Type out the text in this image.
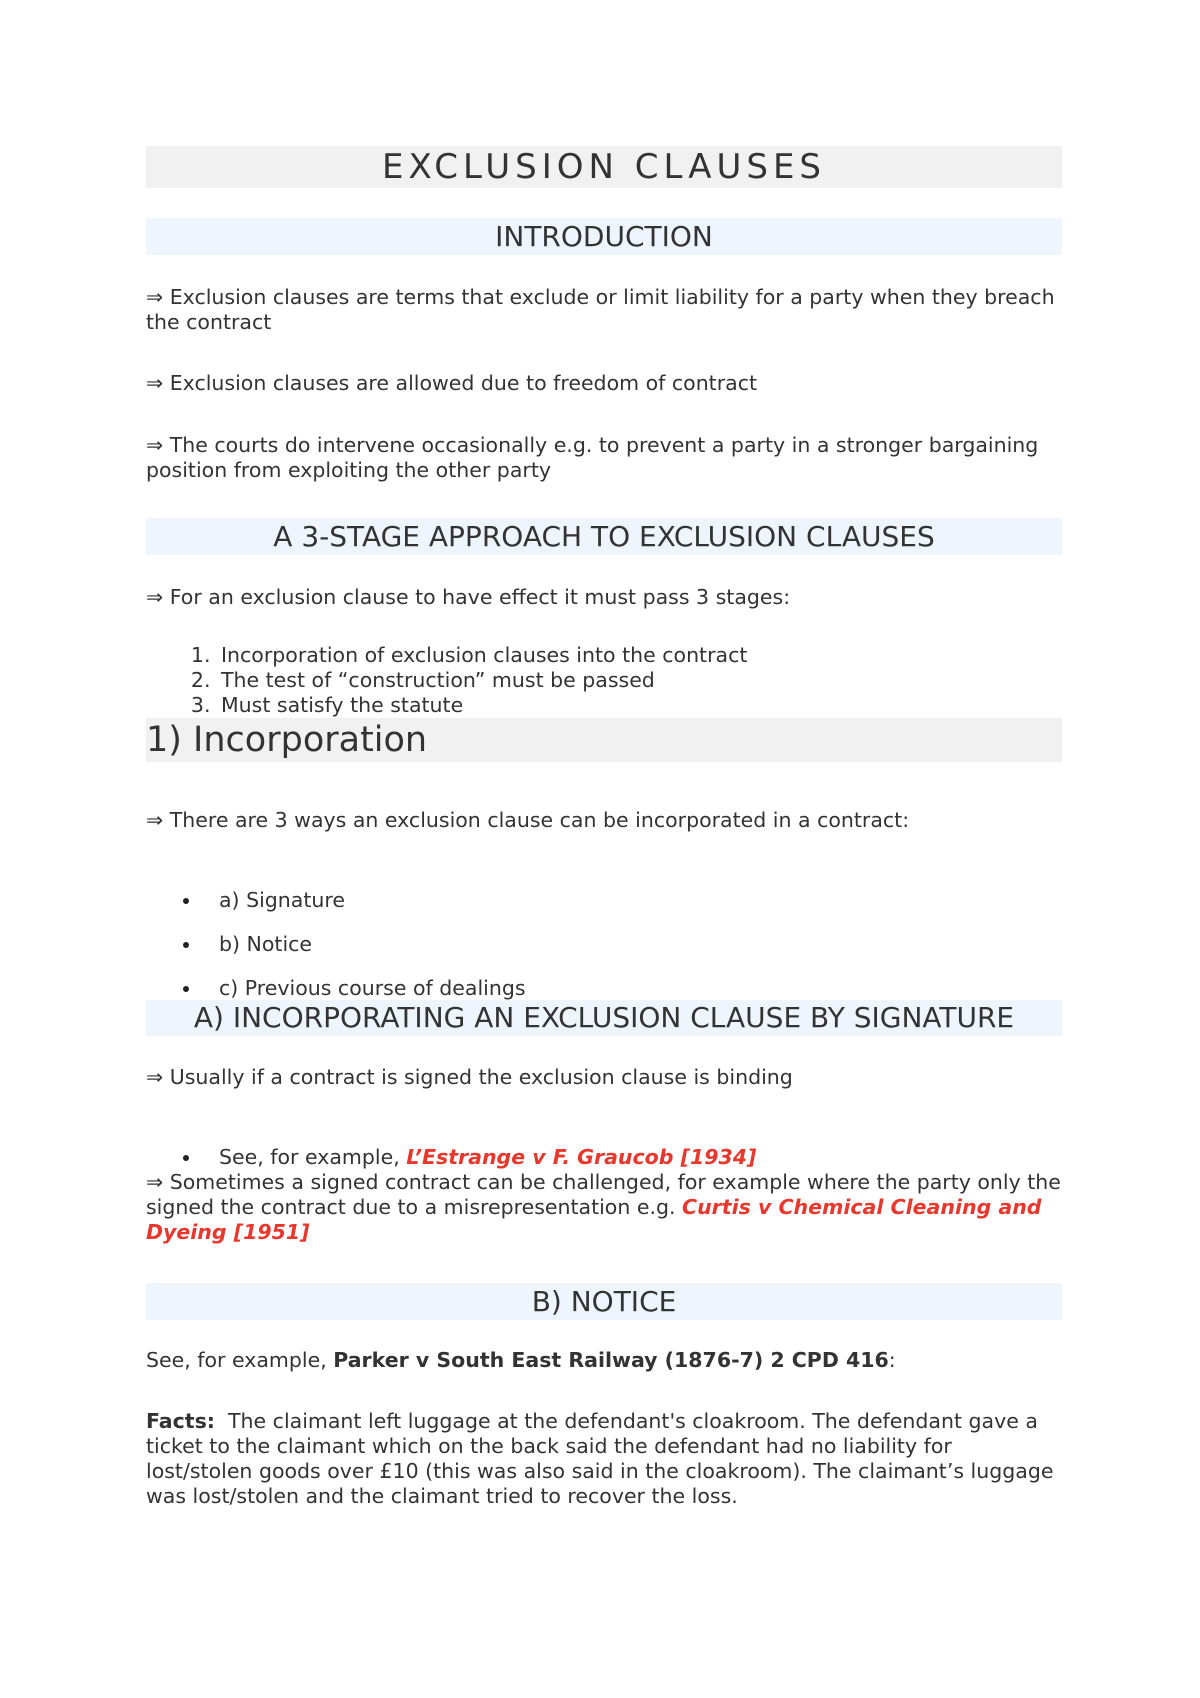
EXCLUSION CLAUSES
INTRODUCTION

⇒ Exclusion clauses are terms that exclude or limit liability for a party when they breach the contract

⇒ Exclusion clauses are allowed due to freedom of contract

⇒ The courts do intervene occasionally e.g. to prevent a party in a stronger bargaining position from exploiting the other party

A 3-STAGE APPROACH TO EXCLUSION CLAUSES

⇒ For an exclusion clause to have effect it must pass 3 stages:

1. Incorporation of exclusion clauses into the contract
2. The test of “construction” must be passed
3. Must satisfy the statute
1) Incorporation

⇒ There are 3 ways an exclusion clause can be incorporated in a contract:

a) Signature
b) Notice
c) Previous course of dealings
A) INCORPORATING AN EXCLUSION CLAUSE BY SIGNATURE

⇒ Usually if a contract is signed the exclusion clause is binding

See, for example, L’Estrange v F. Graucob [1934]

⇒ Sometimes a signed contract can be challenged, for example where the party only the signed the contract due to a misrepresentation e.g. Curtis v Chemical Cleaning and Dyeing [1951]

B) NOTICE

See, for example, Parker v South East Railway (1876-7) 2 CPD 416:

Facts:  The claimant left luggage at the defendant's cloakroom. The defendant gave a ticket to the claimant which on the back said the defendant had no liability for lost/stolen goods over £10 (this was also said in the cloakroom). The claimant’s luggage was lost/stolen and the claimant tried to recover the loss.
